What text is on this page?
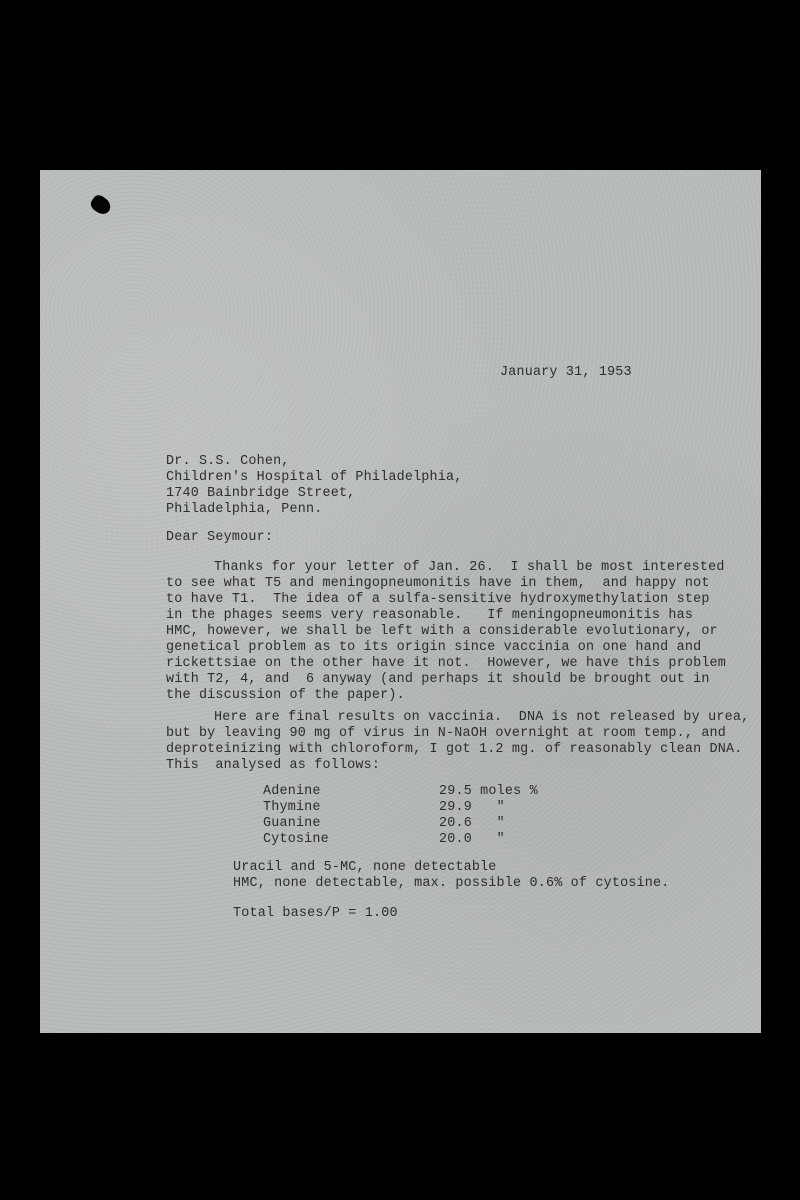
January 31, 1953
Dr. S.S. Cohen,
Children's Hospital of Philadelphia,
1740 Bainbridge Street,
Philadelphia, Penn.
Dear Seymour:
Thanks for your letter of Jan. 26.  I shall be most interested
to see what T5 and meningopneumonitis have in them,  and happy not
to have T1.  The idea of a sulfa-sensitive hydroxymethylation step
in the phages seems very reasonable.   If meningopneumonitis has
HMC, however, we shall be left with a considerable evolutionary, or
genetical problem as to its origin since vaccinia on one hand and
rickettsiae on the other have it not.  However, we have this problem
with T2, 4, and  6 anyway (and perhaps it should be brought out in
the discussion of the paper).
Here are final results on vaccinia.  DNA is not released by urea,
but by leaving 90 mg of virus in N-NaOH overnight at room temp., and
deproteinizing with chloroform, I got 1.2 mg. of reasonably clean DNA.
This  analysed as follows:
Adenine	29.5 moles %
Thymine	29.9   "
Guanine	20.6   "
Cytosine	20.0   "
Uracil and 5-MC, none detectable
HMC, none detectable, max. possible 0.6% of cytosine.
Total bases/P = 1.00
